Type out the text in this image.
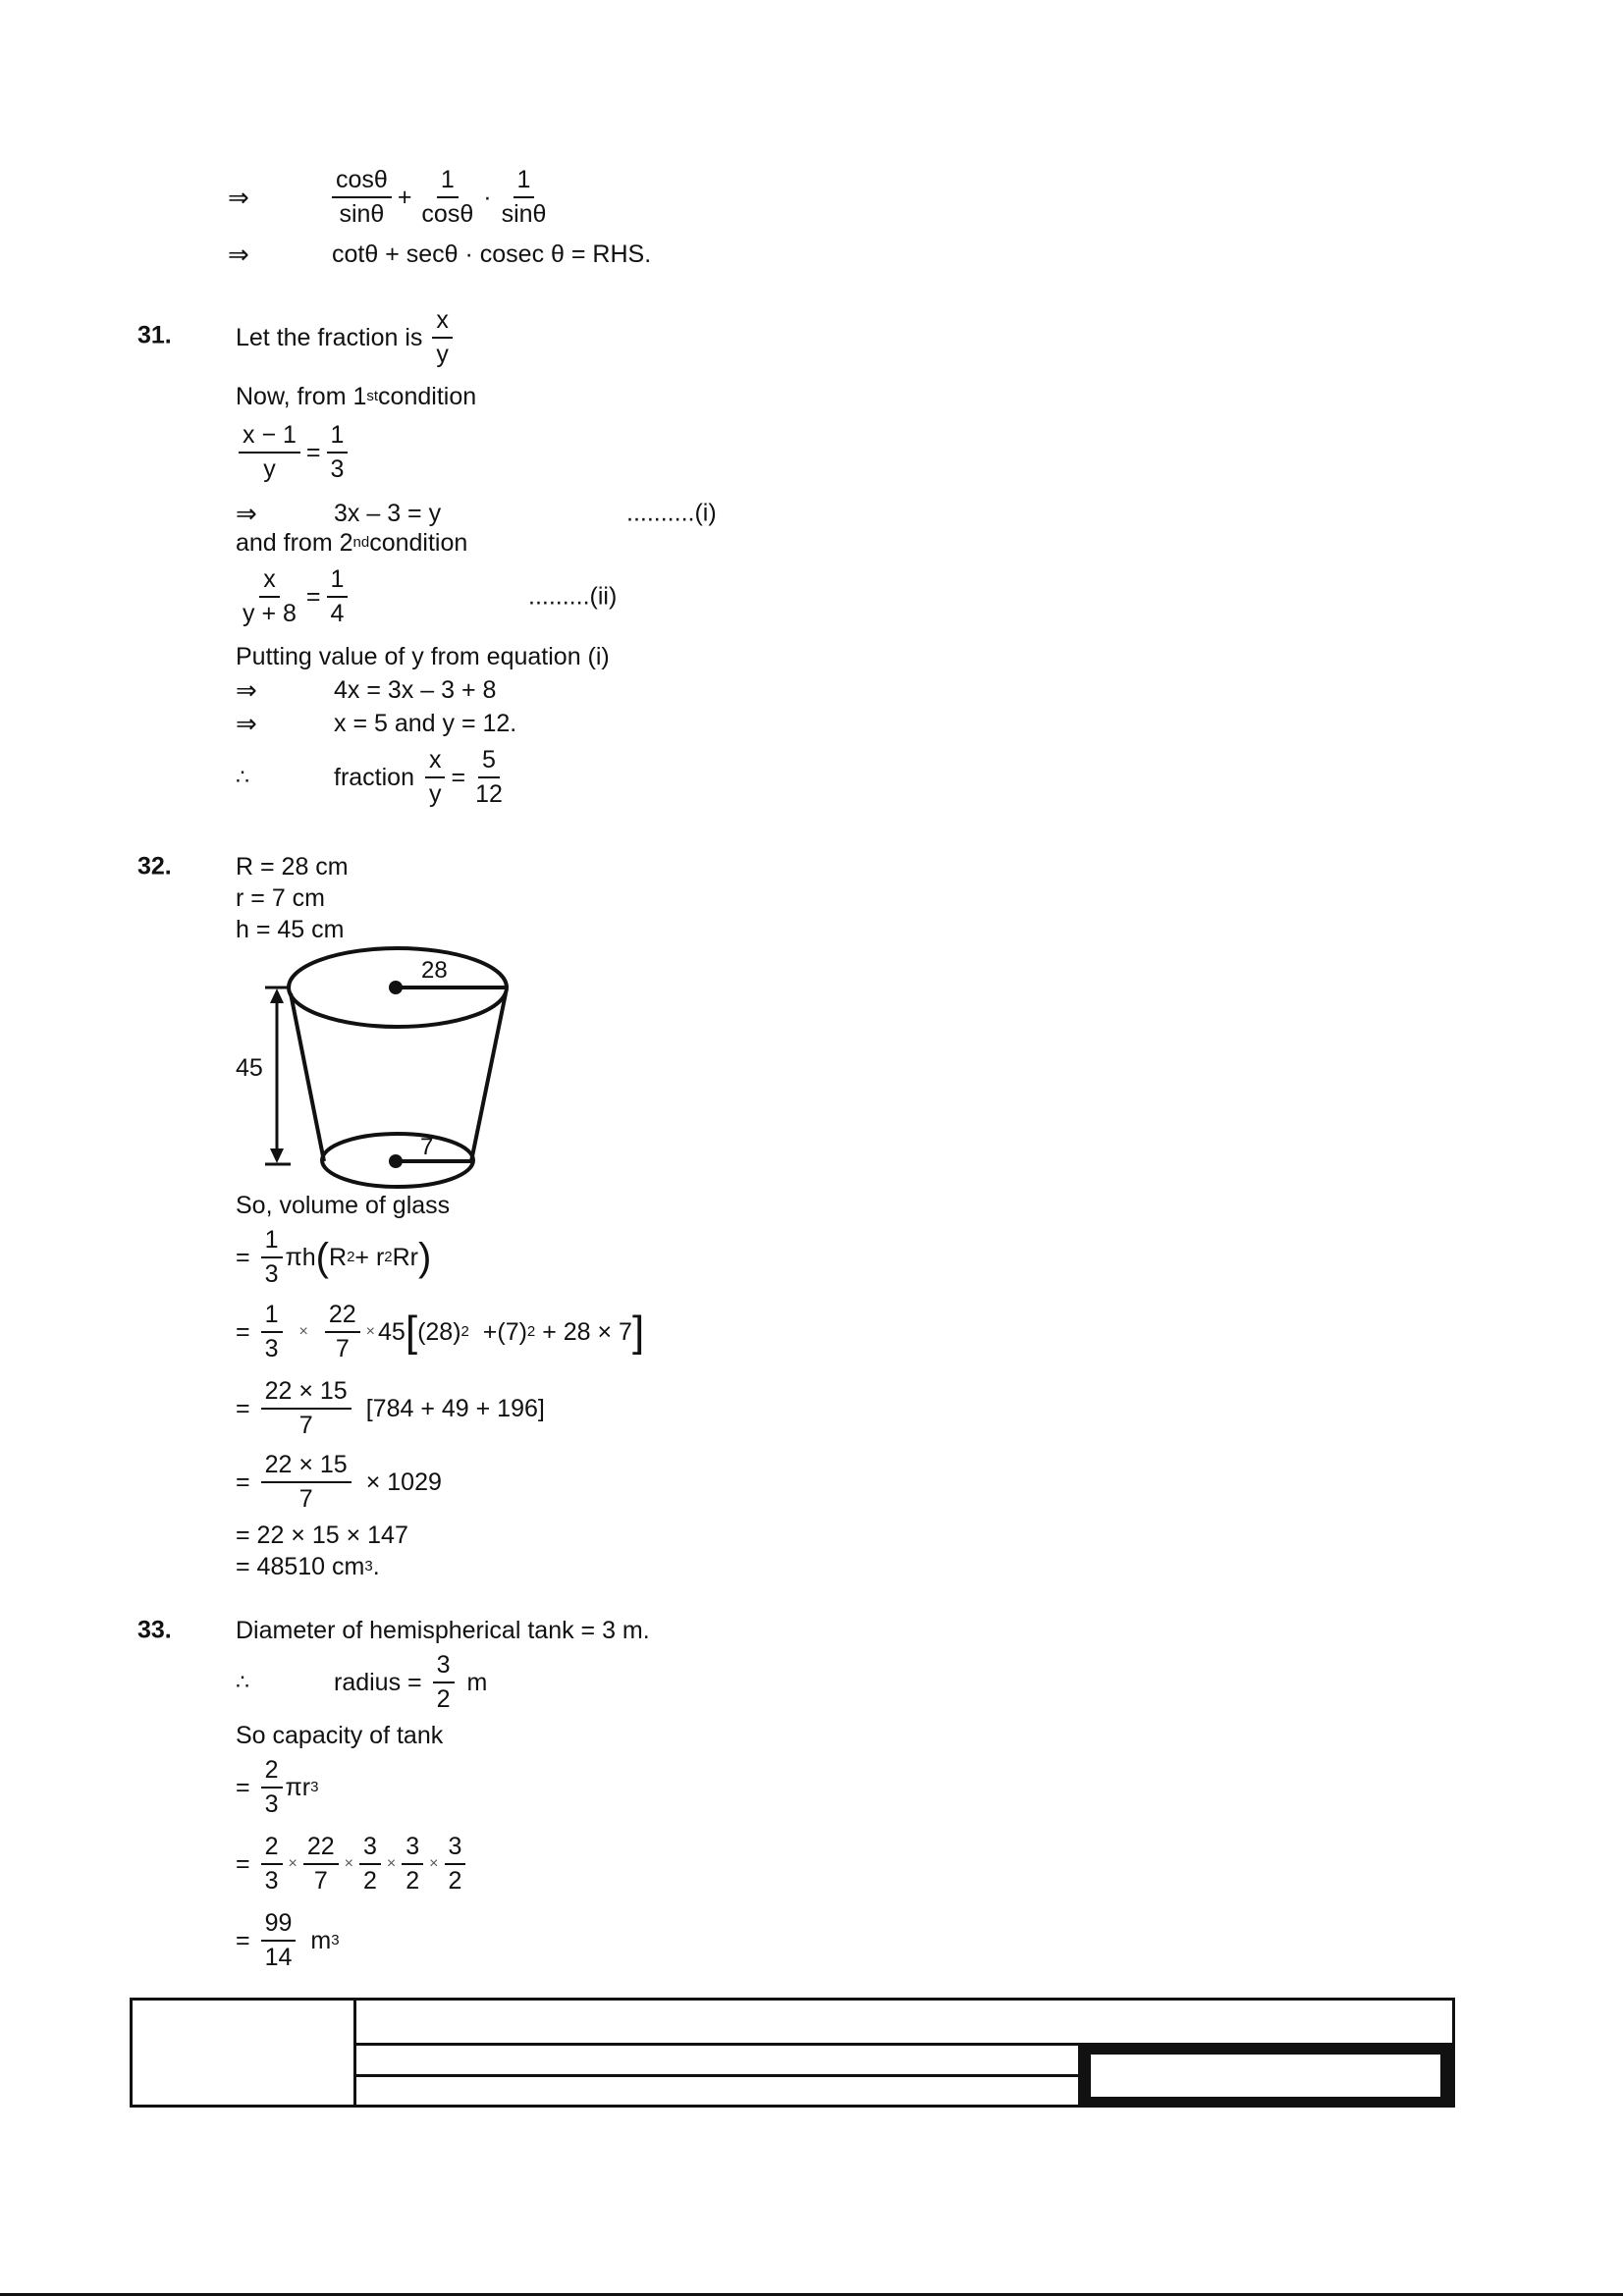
⇒	$\frac{\cos\theta}{\sin\theta} + \frac{1}{\cos\theta} \cdot \frac{1}{\sin\theta}$
⇒	cotθ + secθ · cosec θ = RHS.
31.	Let the fraction is $\frac{x}{y}$
Now, from 1 st condition
$\frac{x - 1}{y} = \frac{1}{3}$
⇒	3x – 3 = y	..........(i)
and from 2 nd condition
$\frac{x}{y + 8} = \frac{1}{4}$	.........(ii)
Putting value of y from equation (i)
⇒	4x = 3x – 3 + 8
⇒	x = 5 and y = 12.
∴	fraction $\frac{x}{y} = \frac{5}{12}$
32.	R = 28 cm
r = 7 cm
h = 45 cm
28
7
45
So, volume of glass
= $\frac{1}{3}$ πh ( R 2 + r 2 Rr )
= $\frac{1}{3} \times \frac{22}{7} \times 45$ [ (28) 2 +(7) 2 + 28 × 7 ]
= $\frac{22 \times 15}{7} [784 + 49 + 196]$
= $\frac{22 \times 15}{7} \times 1029$
= 22 × 15 × 147
= 48510 cm 3 .
33.	Diameter of hemispherical tank = 3 m.
∴	radius = $\frac{3}{2}$ m
So capacity of tank
= $\frac{2}{3}$ πr 3
= $\frac{2}{3} \times \frac{22}{7} \times \frac{3}{2} \times \frac{3}{2} \times \frac{3}{2}$
= $\frac{99}{14}$ m 3
